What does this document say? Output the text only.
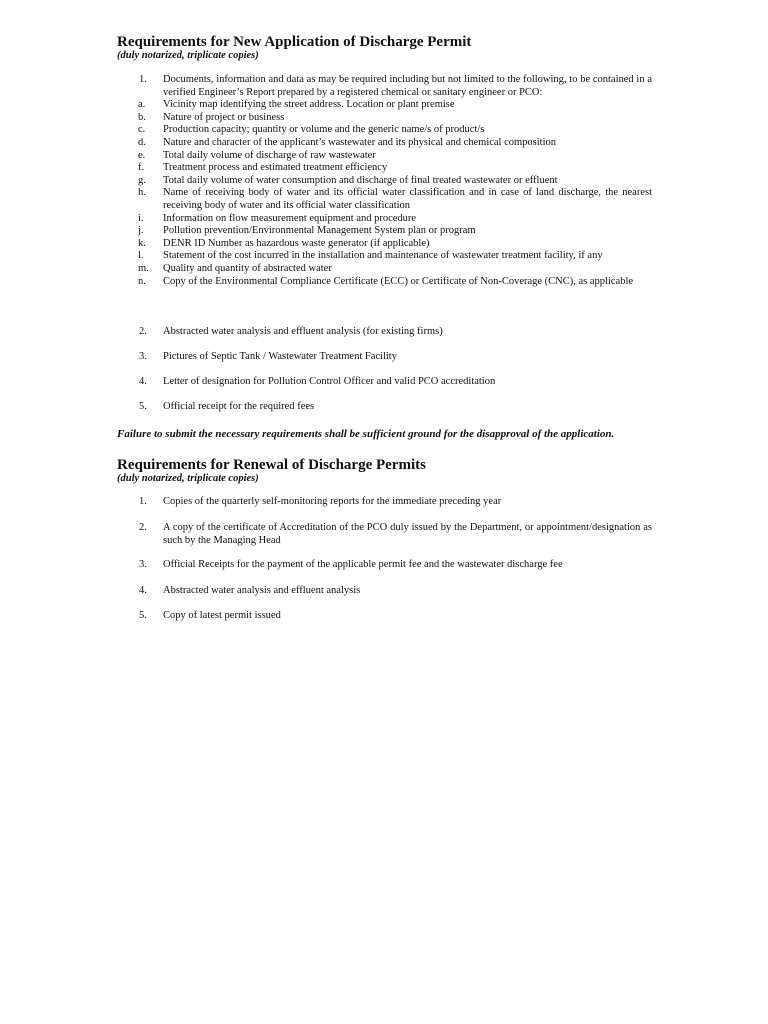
Requirements for New Application of Discharge Permit
(duly notarized, triplicate copies)
1. Documents, information and data as may be required including but not limited to the following, to be contained in a verified Engineer’s Report prepared by a registered chemical or sanitary engineer or PCO:
a. Vicinity map identifying the street address. Location or plant premise
b. Nature of project or business
c. Production capacity; quantity or volume and the generic name/s of product/s
d. Nature and character of the applicant’s wastewater and its physical and chemical composition
e. Total daily volume of discharge of raw wastewater
f. Treatment process and estimated treatment efficiency
g. Total daily volume of water consumption and discharge of final treated wastewater or effluent
h. Name of receiving body of water and its official water classification and in case of land discharge, the nearest receiving body of water and its official water classification
i. Information on flow measurement equipment and procedure
j. Pollution prevention/Environmental Management System plan or program
k. DENR ID Number as hazardous waste generator (if applicable)
l. Statement of the cost incurred in the installation and maintenance of wastewater treatment facility, if any
m. Quality and quantity of abstracted water
n. Copy of the Environmental Compliance Certificate (ECC) or Certificate of Non-Coverage (CNC), as applicable
2. Abstracted water analysis and effluent analysis (for existing firms)
3. Pictures of Septic Tank / Wastewater Treatment Facility
4. Letter of designation for Pollution Control Officer and valid PCO accreditation
5. Official receipt for the required fees
Failure to submit the necessary requirements shall be sufficient ground for the disapproval of the application.
Requirements for Renewal of Discharge Permits
(duly notarized, triplicate copies)
1. Copies of the quarterly self-monitoring reports for the immediate preceding year
2. A copy of the certificate of Accreditation of the PCO duly issued by the Department, or appointment/designation as such by the Managing Head
3. Official Receipts for the payment of the applicable permit fee and the wastewater discharge fee
4. Abstracted water analysis and effluent analysis
5. Copy of latest permit issued
